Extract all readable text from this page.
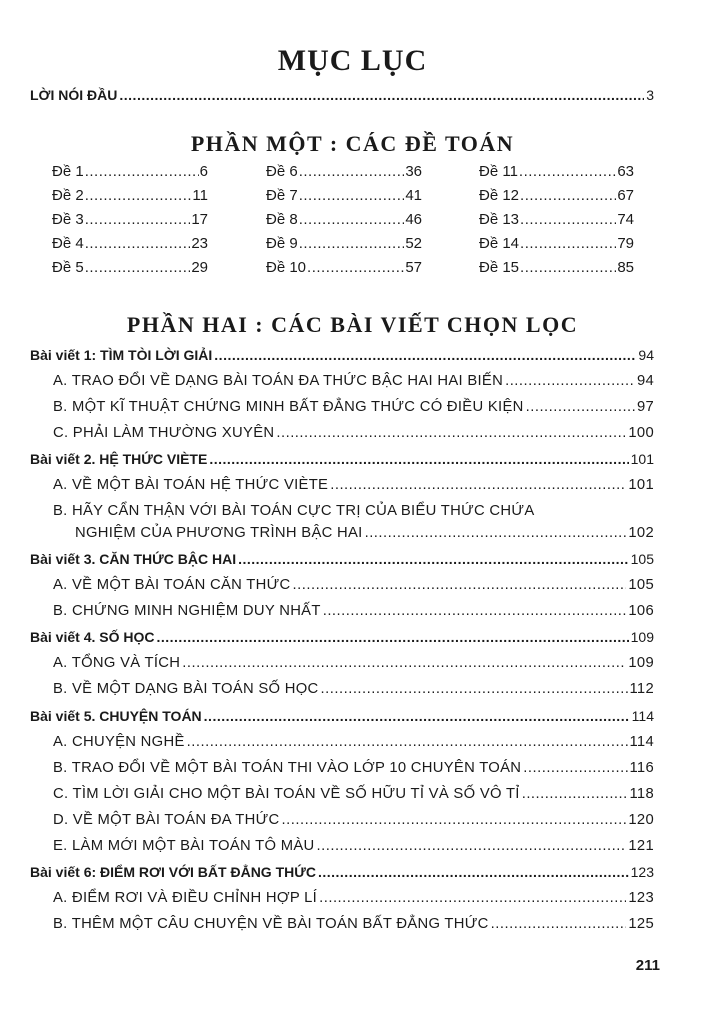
MỤC LỤC
LỜI NÓI ĐẦU .....	3
PHẦN MỘT : CÁC ĐỀ TOÁN
Đề 1 .....	6
Đề 2 .....	11
Đề 3 .....	17
Đề 4 .....	23
Đề 5 .....	29
Đề 6 .....	36
Đề 7 .....	41
Đề 8 .....	46
Đề 9 .....	52
Đề 10 .....	57
Đề 11 .....	63
Đề 12 .....	67
Đề 13 .....	74
Đề 14 .....	79
Đề 15 .....	85
PHẦN HAI : CÁC BÀI VIẾT CHỌN LỌC
Bài viết 1: TÌM TÒI LỜI GIẢI .....	94
A. TRAO ĐỔI VỀ DẠNG BÀI TOÁN ĐA THỨC BẬC HAI HAI BIẾN .....	94
B. MỘT KĨ THUẬT CHỨNG MINH BẤT ĐẲNG THỨC CÓ ĐIỀU KIỆN .....	97
C. PHẢI LÀM THƯỜNG XUYÊN .....	100
Bài viết 2. HỆ THỨC VIÈTE .....	101
A. VỀ MỘT BÀI TOÁN HỆ THỨC VIÈTE .....	101
B. HÃY CẨN THẬN VỚI BÀI TOÁN CỰC TRỊ CỦA BIỂU THỨC CHỨA
NGHIỆM CỦA PHƯƠNG TRÌNH BẬC HAI .....	102
Bài viết 3. CĂN THỨC BẬC HAI .....	105
A. VỀ MỘT BÀI TOÁN CĂN THỨC .....	105
B. CHỨNG MINH NGHIỆM DUY NHẤT .....	106
Bài viết 4. SỐ HỌC .....	109
A. TỔNG VÀ TÍCH .....	109
B. VỀ MỘT DẠNG BÀI TOÁN SỐ HỌC .....	112
Bài viết 5. CHUYỆN TOÁN .....	114
A. CHUYỆN NGHỀ .....	114
B. TRAO ĐỔI VỀ MỘT BÀI TOÁN THI VÀO LỚP 10 CHUYÊN TOÁN .....	116
C. TÌM LỜI GIẢI CHO MỘT BÀI TOÁN VỀ SỐ HỮU TỈ VÀ SỐ VÔ TỈ .....	118
D. VỀ MỘT BÀI TOÁN ĐA THỨC .....	120
E. LÀM MỚI MỘT BÀI TOÁN TÔ MÀU .....	121
Bài viết 6: ĐIỂM RƠI VỚI BẤT ĐẲNG THỨC .....	123
A. ĐIỂM RƠI VÀ ĐIỀU CHỈNH HỢP LÍ .....	123
B. THÊM MỘT CÂU CHUYỆN VỀ BÀI TOÁN BẤT ĐẲNG THỨC .....	125
211
